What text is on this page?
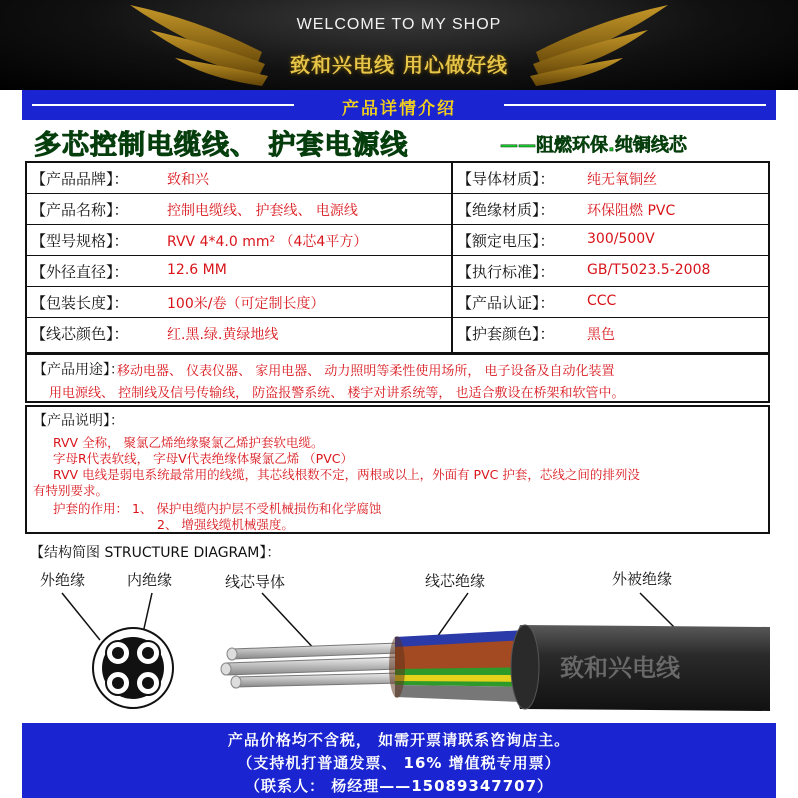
WELCOME TO MY SHOP
致和兴电线 用心做好线
产品详情介绍
多芯控制电缆线、 护套电源线	——阻燃环保.纯铜线芯
【产品品牌】：	致和兴	【导体材质】： 纯无氧铜丝
【产品名称】：	控制电缆线、 护套线、 电源线	【绝缘材质】： 环保阻燃 PVC
【型号规格】：	RVV 4*4.0 mm² （4芯4平方）	【额定电压】： 300/500V
【外径直径】：	12.6 MM	【执行标准】： GB/T5023.5-2008
【包装长度】：	100米/卷（可定制长度）	【产品认证】： CCC
【线芯颜色】：	红.黑.绿.黄绿地线	【护套颜色】： 黑色
【产品用途】：
移动电器、 仪表仪器、 家用电器、 动力照明等柔性使用场所， 电子设备及自动化装置
用电源线、 控制线及信号传输线， 防盗报警系统、 楼宇对讲系统等， 也适合敷设在桥架和软管中。
【产品说明】：
RVV 全称， 聚氯乙烯绝缘聚氯乙烯护套软电缆。
字母R代表软线， 字母V代表绝缘体聚氯乙烯 （PVC）
RVV 电线是弱电系统最常用的线缆，其芯线根数不定，两根或以上，外面有 PVC 护套，芯线之间的排列没
有特别要求。
护套的作用： 1、 保护电缆内护层不受机械损伤和化学腐蚀
2、 增强线缆机械强度。
【结构简图 STRUCTURE DIAGRAM】：
外绝缘	内绝缘	线芯导体	线芯绝缘	外被绝缘
致和兴电线
产品价格均不含税， 如需开票请联系咨询店主。
（支持机打普通发票、 16% 增值税专用票）
（联系人： 杨经理——15089347707）
